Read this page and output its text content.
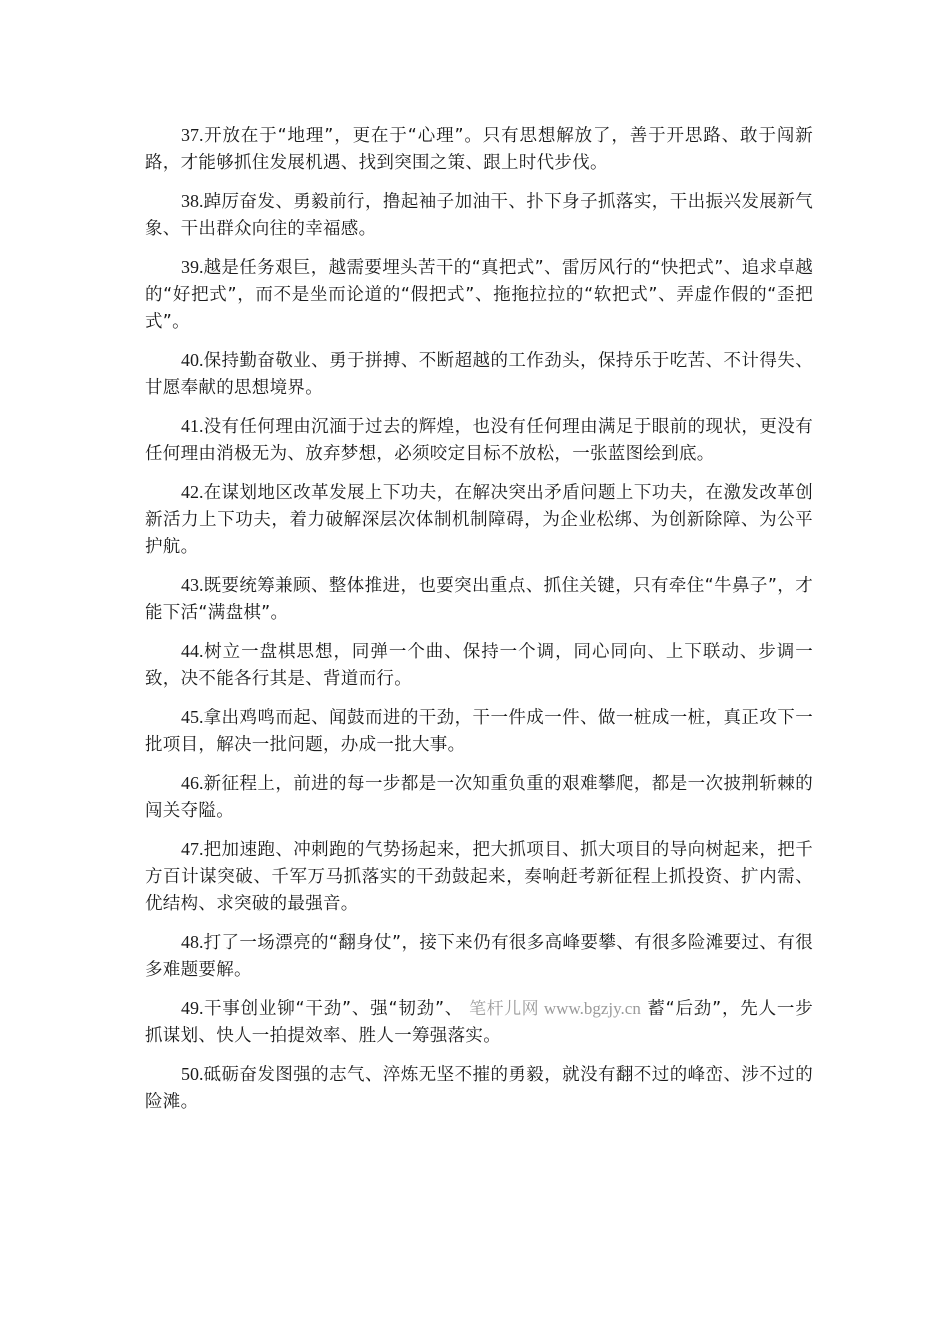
37.开放在于“地理”，更在于“心理”。只有思想解放了，善于开思路、敢于闯新路，才能够抓住发展机遇、找到突围之策、跟上时代步伐。

38.踔厉奋发、勇毅前行，撸起袖子加油干、扑下身子抓落实，干出振兴发展新气象、干出群众向往的幸福感。

39.越是任务艰巨，越需要埋头苦干的“真把式”、雷厉风行的“快把式”、追求卓越的“好把式”，而不是坐而论道的“假把式”、拖拖拉拉的“软把式”、弄虚作假的“歪把式”。

40.保持勤奋敬业、勇于拼搏、不断超越的工作劲头，保持乐于吃苦、不计得失、甘愿奉献的思想境界。

41.没有任何理由沉湎于过去的辉煌，也没有任何理由满足于眼前的现状，更没有任何理由消极无为、放弃梦想，必须咬定目标不放松，一张蓝图绘到底。

42.在谋划地区改革发展上下功夫，在解决突出矛盾问题上下功夫，在激发改革创新活力上下功夫，着力破解深层次体制机制障碍，为企业松绑、为创新除障、为公平护航。

43.既要统筹兼顾、整体推进，也要突出重点、抓住关键，只有牵住“牛鼻子”，才能下活“满盘棋”。

44.树立一盘棋思想，同弹一个曲、保持一个调，同心同向、上下联动、步调一致，决不能各行其是、背道而行。

45.拿出鸡鸣而起、闻鼓而进的干劲，干一件成一件、做一桩成一桩，真正攻下一批项目，解决一批问题，办成一批大事。

46.新征程上，前进的每一步都是一次知重负重的艰难攀爬，都是一次披荆斩棘的闯关夺隘。

47.把加速跑、冲刺跑的气势扬起来，把大抓项目、抓大项目的导向树起来，把千方百计谋突破、千军万马抓落实的干劲鼓起来，奏响赶考新征程上抓投资、扩内需、优结构、求突破的最强音。

48.打了一场漂亮的“翻身仗”，接下来仍有很多高峰要攀、有很多险滩要过、有很多难题要解。

49.干事创业铆“干劲”、强“韧劲”、 笔杆儿网 www.bgzjy.cn 蓄“后劲”，先人一步抓谋划、快人一拍提效率、胜人一筹强落实。

50.砥砺奋发图强的志气、淬炼无坚不摧的勇毅，就没有翻不过的峰峦、涉不过的险滩。
